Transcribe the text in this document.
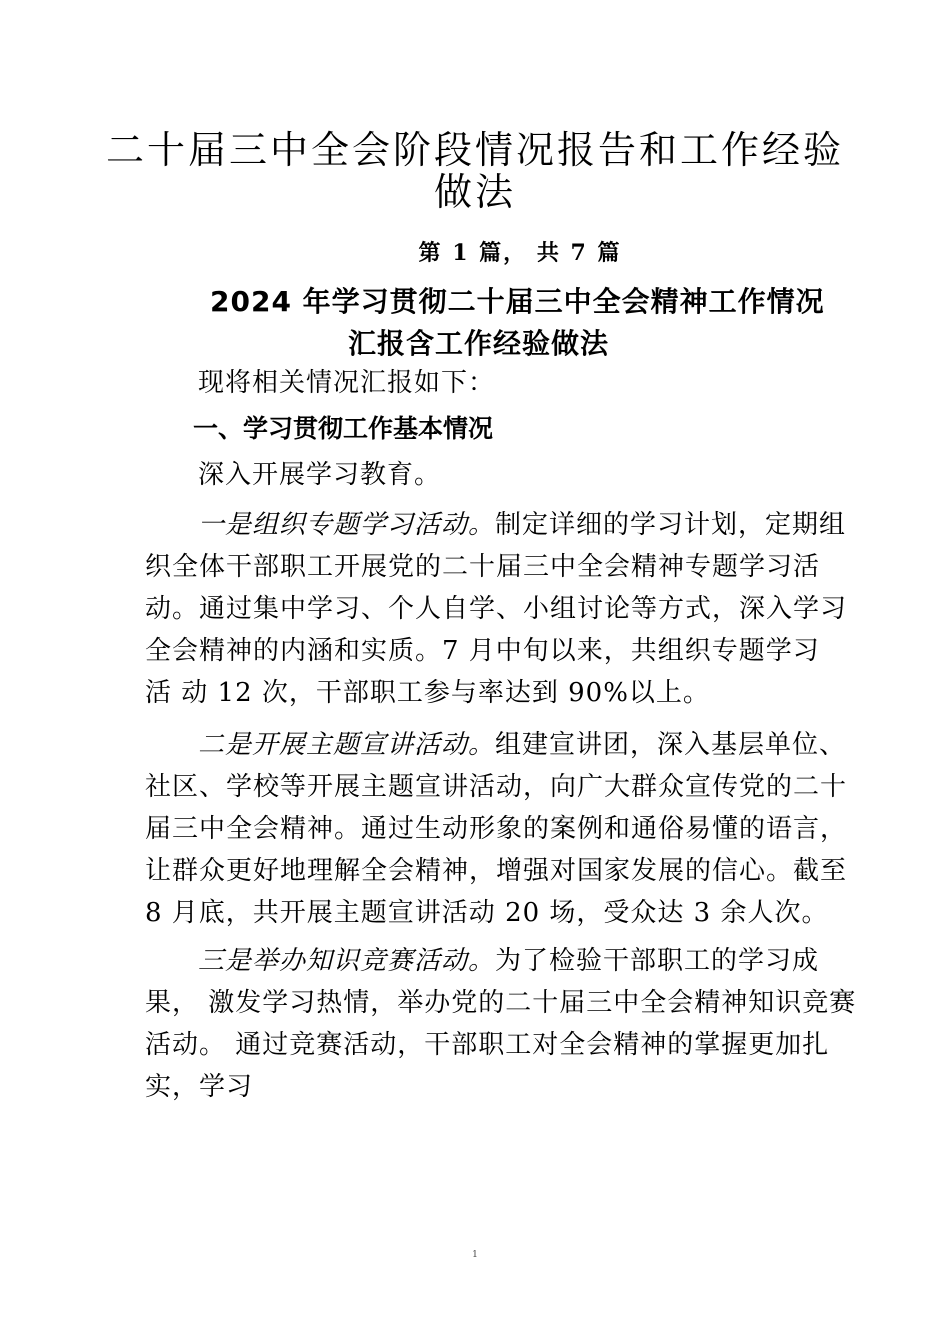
二十届三中全会阶段情况报告和工作经验
做法
第 1 篇， 共 7 篇
2024 年学习贯彻二十届三中全会精神工作情况
汇报含工作经验做法
现将相关情况汇报如下：
一、学习贯彻工作基本情况
深入开展学习教育。
一是组织专题学习活动。制定详细的学习计划，定期组
织全体干部职工开展党的二十届三中全会精神专题学习活
动。通过集中学习、个人自学、小组讨论等方式，深入学习
全会精神的内涵和实质。7 月中旬以来，共组织专题学习
活 动 12 次，干部职工参与率达到 90%以上。
二是开展主题宣讲活动。组建宣讲团，深入基层单位、
社区、学校等开展主题宣讲活动，向广大群众宣传党的二十
届三中全会精神。通过生动形象的案例和通俗易懂的语言，
让群众更好地理解全会精神，增强对国家发展的信心。截至
8 月底，共开展主题宣讲活动 20 场，受众达 3 余人次。
三是举办知识竞赛活动。为了检验干部职工的学习成
果， 激发学习热情，举办党的二十届三中全会精神知识竞赛
活动。 通过竞赛活动，干部职工对全会精神的掌握更加扎
实，学习
1
